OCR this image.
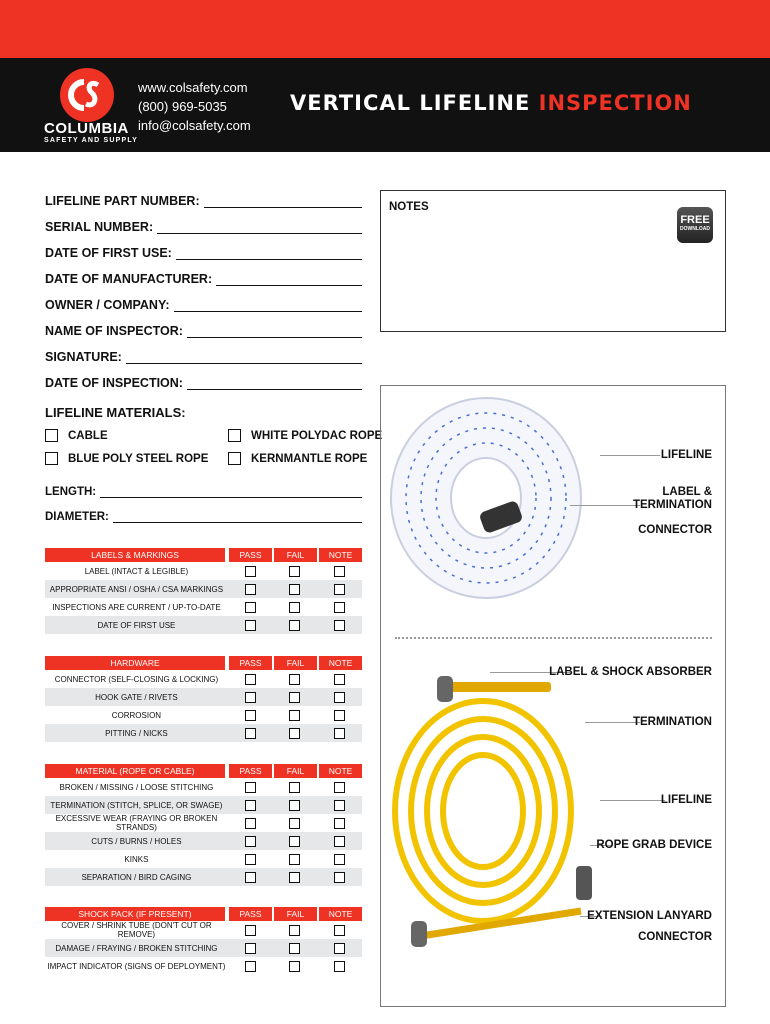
COLUMBIA
SAFETY AND SUPPLY
www.colsafety.com
(800) 969-5035
info@colsafety.com
VERTICAL LIFELINE INSPECTION
LIFELINE PART NUMBER:
SERIAL NUMBER:
DATE OF FIRST USE:
DATE OF MANUFACTURER:
OWNER / COMPANY:
NAME OF INSPECTOR:
SIGNATURE:
DATE OF INSPECTION:
NOTES
FREE
DOWNLOAD
LIFELINE MATERIALS:
CABLE	WHITE POLYDAC ROPE
BLUE POLY STEEL ROPE	KERNMANTLE ROPE
LENGTH:
DIAMETER:
LABELS & MARKINGS	PASS	FAIL	NOTE
LABEL (INTACT & LEGIBLE)
APPROPRIATE ANSI / OSHA / CSA MARKINGS
INSPECTIONS ARE CURRENT / UP-TO-DATE
DATE OF FIRST USE
HARDWARE	PASS	FAIL	NOTE
CONNECTOR (SELF-CLOSING & LOCKING)
HOOK GATE / RIVETS
CORROSION
PITTING / NICKS
MATERIAL (ROPE OR CABLE)	PASS	FAIL	NOTE
BROKEN / MISSING / LOOSE STITCHING
TERMINATION (STITCH, SPLICE, OR SWAGE)
EXCESSIVE WEAR (FRAYING OR BROKEN STRANDS)
CUTS / BURNS / HOLES
KINKS
SEPARATION / BIRD CAGING
SHOCK PACK (IF PRESENT)	PASS	FAIL	NOTE
COVER / SHRINK TUBE (DON'T CUT OR REMOVE)
DAMAGE / FRAYING / BROKEN STITCHING
IMPACT INDICATOR (SIGNS OF DEPLOYMENT)
LIFELINE
LABEL &
TERMINATION
CONNECTOR
LABEL & SHOCK ABSORBER
TERMINATION
LIFELINE
ROPE GRAB DEVICE
EXTENSION LANYARD
CONNECTOR
